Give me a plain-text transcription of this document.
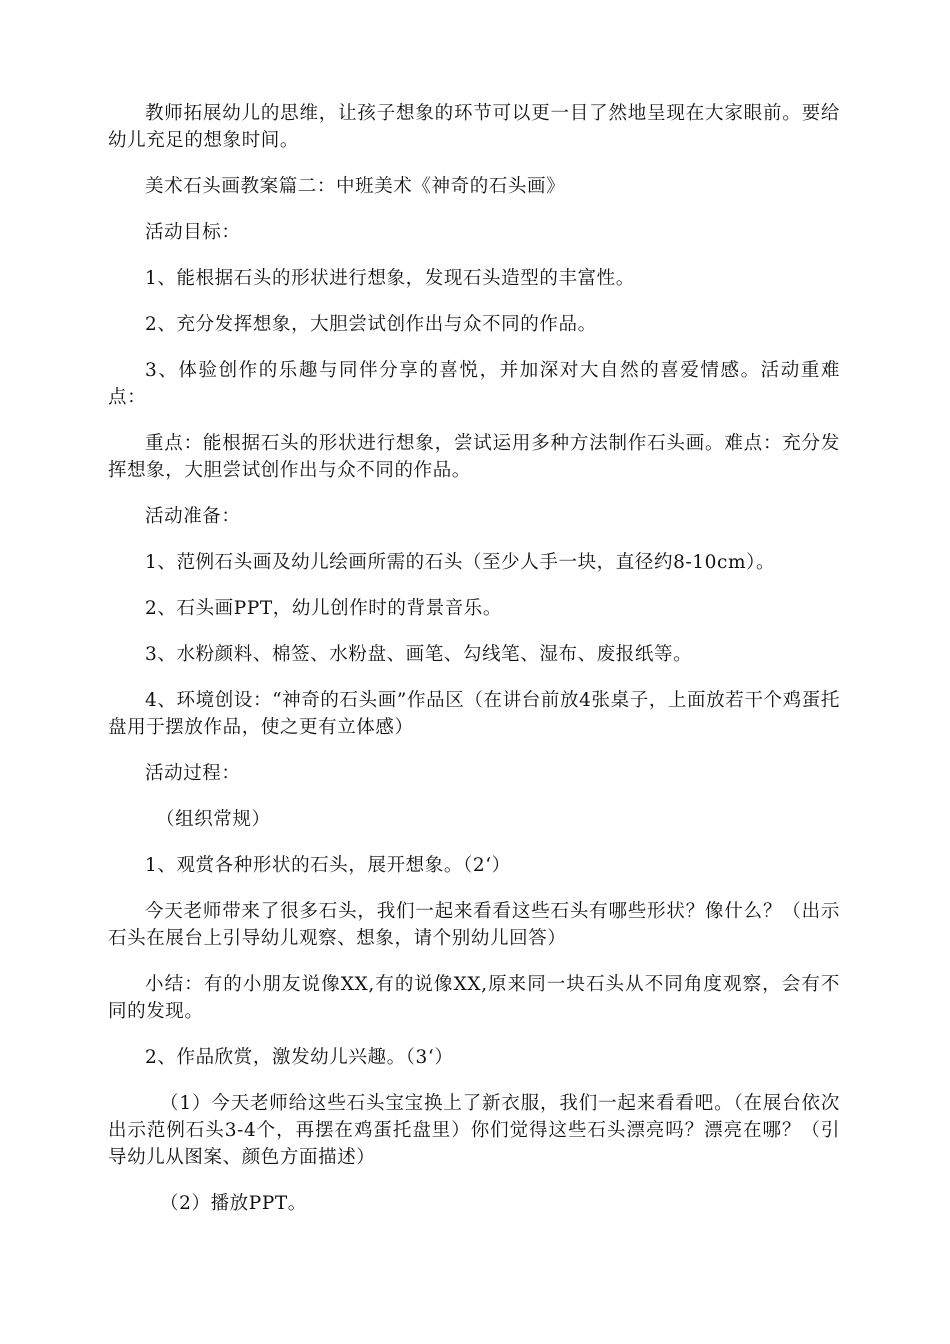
教师拓展幼儿的思维，让孩子想象的环节可以更一目了然地呈现在大家眼前。要给幼儿充足的想象时间。

美术石头画教案篇二：中班美术《神奇的石头画》

活动目标：

1、能根据石头的形状进行想象，发现石头造型的丰富性。

2、充分发挥想象，大胆尝试创作出与众不同的作品。

3、体验创作的乐趣与同伴分享的喜悦，并加深对大自然的喜爱情感。活动重难点：

重点：能根据石头的形状进行想象，尝试运用多种方法制作石头画。难点：充分发挥想象，大胆尝试创作出与众不同的作品。

活动准备：

1、范例石头画及幼儿绘画所需的石头（至少人手一块，直径约8-10cm）。

2、石头画PPT，幼儿创作时的背景音乐。

3、水粉颜料、棉签、水粉盘、画笔、勾线笔、湿布、废报纸等。

4、环境创设：“神奇的石头画”作品区（在讲台前放4张桌子，上面放若干个鸡蛋托盘用于摆放作品，使之更有立体感）

活动过程：

（组织常规）

1、观赏各种形状的石头，展开想象。（2‘）

今天老师带来了很多石头，我们一起来看看这些石头有哪些形状？像什么？（出示石头在展台上引导幼儿观察、想象，请个别幼儿回答）

小结：有的小朋友说像XX,有的说像XX,原来同一块石头从不同角度观察，会有不同的发现。

2、作品欣赏，激发幼儿兴趣。（3‘）

（1）今天老师给这些石头宝宝换上了新衣服，我们一起来看看吧。（在展台依次出示范例石头3-4个，再摆在鸡蛋托盘里）你们觉得这些石头漂亮吗？漂亮在哪？（引导幼儿从图案、颜色方面描述）

（2）播放PPT。
